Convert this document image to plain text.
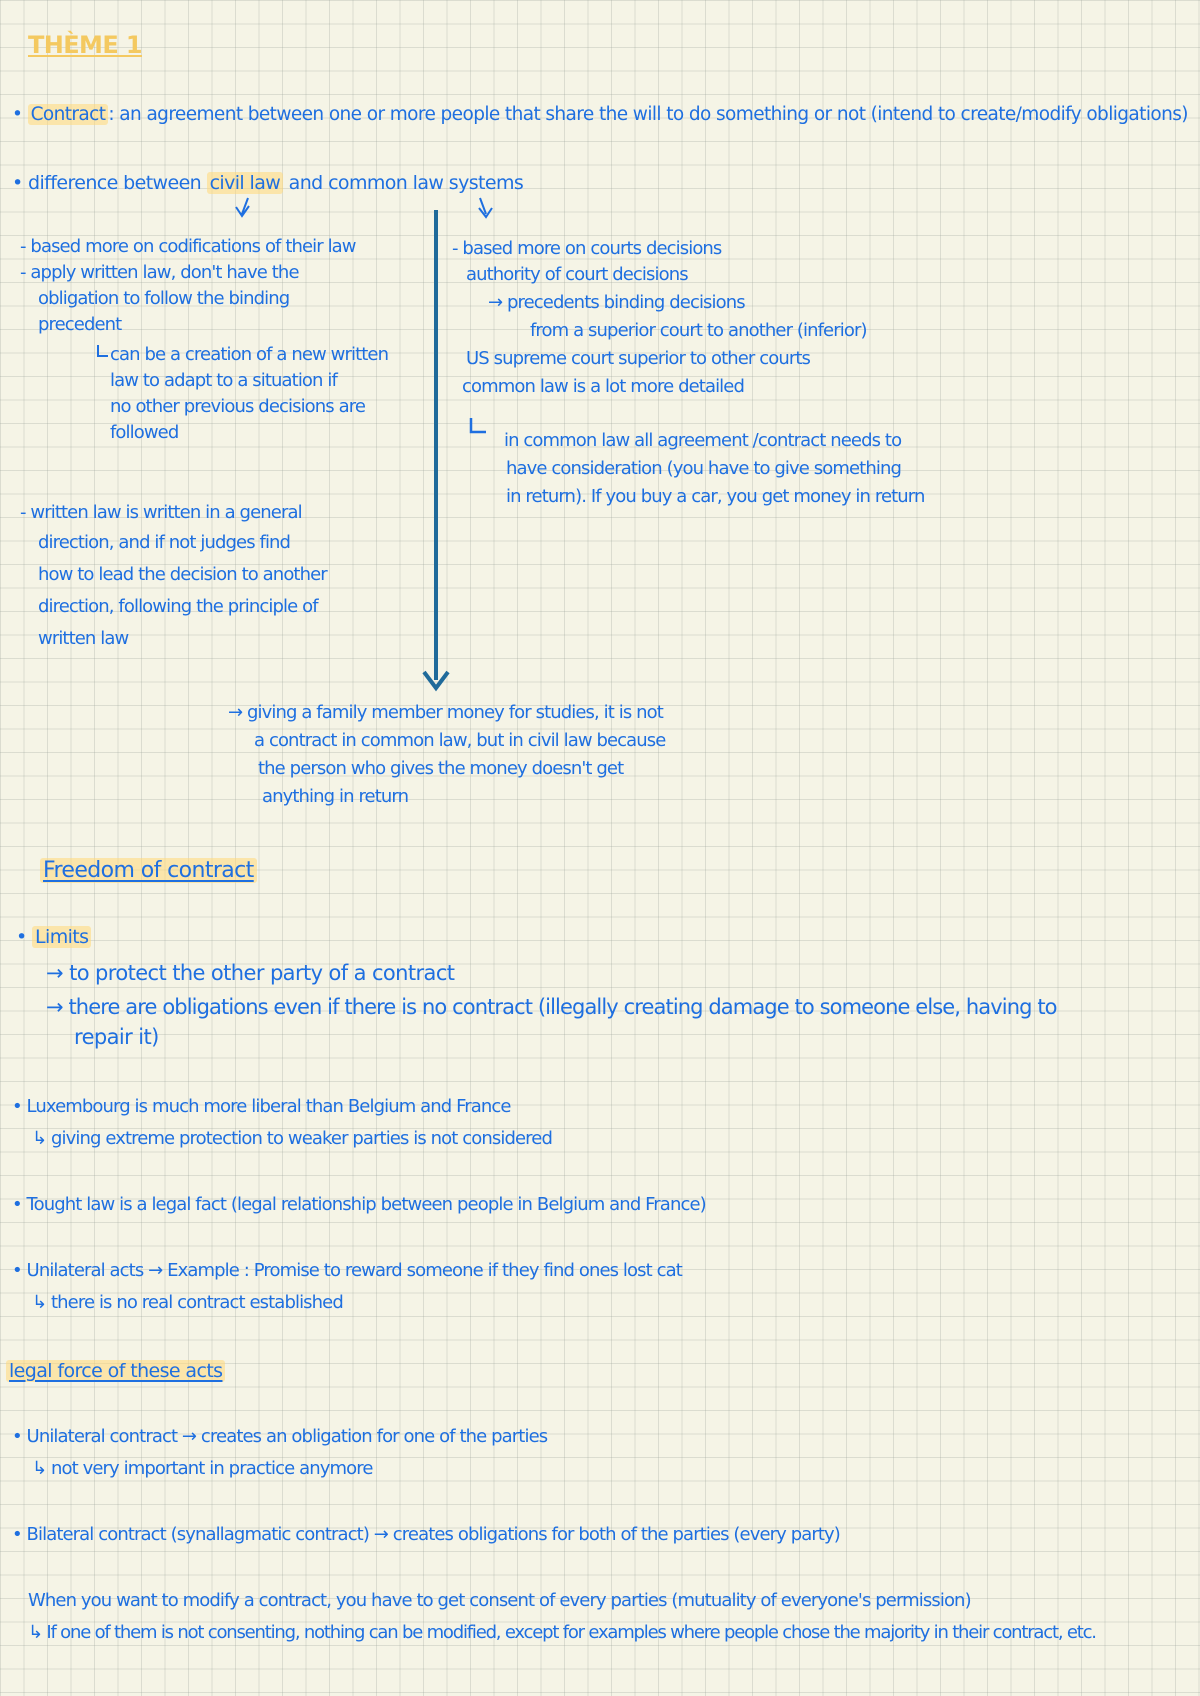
THÈME 1
• Contract : an agreement between one or more people that share the will to do something or not (intend to create/modify obligations)
• difference between civil law and common law systems
- based more on codifications of their law
- apply written law, don't have the
obligation to follow the binding
precedent
can be a creation of a new written
law to adapt to a situation if
no other previous decisions are
followed
- written law is written in a general
direction, and if not judges find
how to lead the decision to another
direction, following the principle of
written law
- based more on courts decisions
authority of court decisions
→ precedents binding decisions
from a superior court to another (inferior)
US supreme court superior to other courts
common law is a lot more detailed
in common law all agreement /contract needs to
have consideration (you have to give something
in return). If you buy a car, you get money in return
→ giving a family member money for studies, it is not
a contract in common law, but in civil law because
the person who gives the money doesn't get
anything in return
Freedom of contract
• Limits
→ to protect the other party of a contract
→ there are obligations even if there is no contract (illegally creating damage to someone else, having to
repair it)
• Luxembourg is much more liberal than Belgium and France
↳ giving extreme protection to weaker parties is not considered
• Tought law is a legal fact (legal relationship between people in Belgium and France)
• Unilateral acts → Example : Promise to reward someone if they find ones lost cat
↳ there is no real contract established
legal force of these acts
• Unilateral contract → creates an obligation for one of the parties
↳ not very important in practice anymore
• Bilateral contract (synallagmatic contract) → creates obligations for both of the parties (every party)
When you want to modify a contract, you have to get consent of every parties (mutuality of everyone's permission)
↳ If one of them is not consenting, nothing can be modified, except for examples where people chose the majority in their contract, etc.
